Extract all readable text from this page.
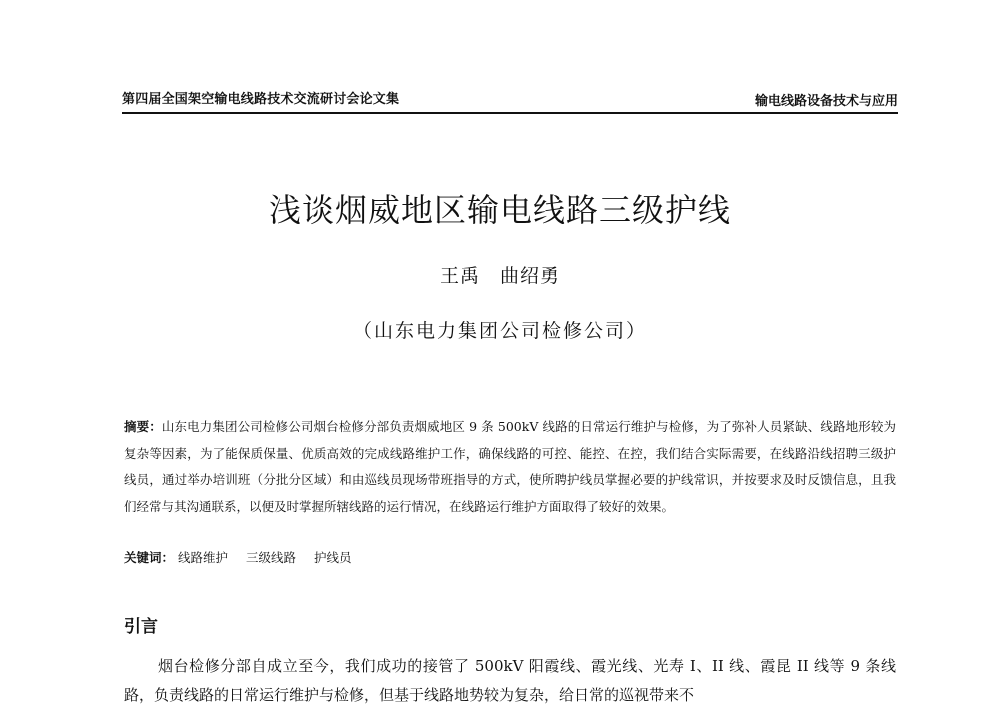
第四届全国架空输电线路技术交流研讨会论文集	输电线路设备技术与应用
浅谈烟威地区输电线路三级护线
王禹　曲绍勇
（山东电力集团公司检修公司）
摘要：山东电力集团公司检修公司烟台检修分部负责烟威地区 9 条 500kV 线路的日常运行维护与检修，为了弥补人员紧缺、线路地形较为复杂等因素，为了能保质保量、优质高效的完成线路维护工作，确保线路的可控、能控、在控，我们结合实际需要，在线路沿线招聘三级护线员，通过举办培训班（分批分区域）和由巡线员现场带班指导的方式，使所聘护线员掌握必要的护线常识，并按要求及时反馈信息，且我们经常与其沟通联系，以便及时掌握所辖线路的运行情况，在线路运行维护方面取得了较好的效果。
关键词： 线路维护 三级线路 护线员
引言
烟台检修分部自成立至今，我们成功的接管了 500kV 阳霞线、霞光线、光寿 I、II 线、霞昆 II 线等 9 条线路，负责线路的日常运行维护与检修，但基于线路地势较为复杂，给日常的巡视带来不
